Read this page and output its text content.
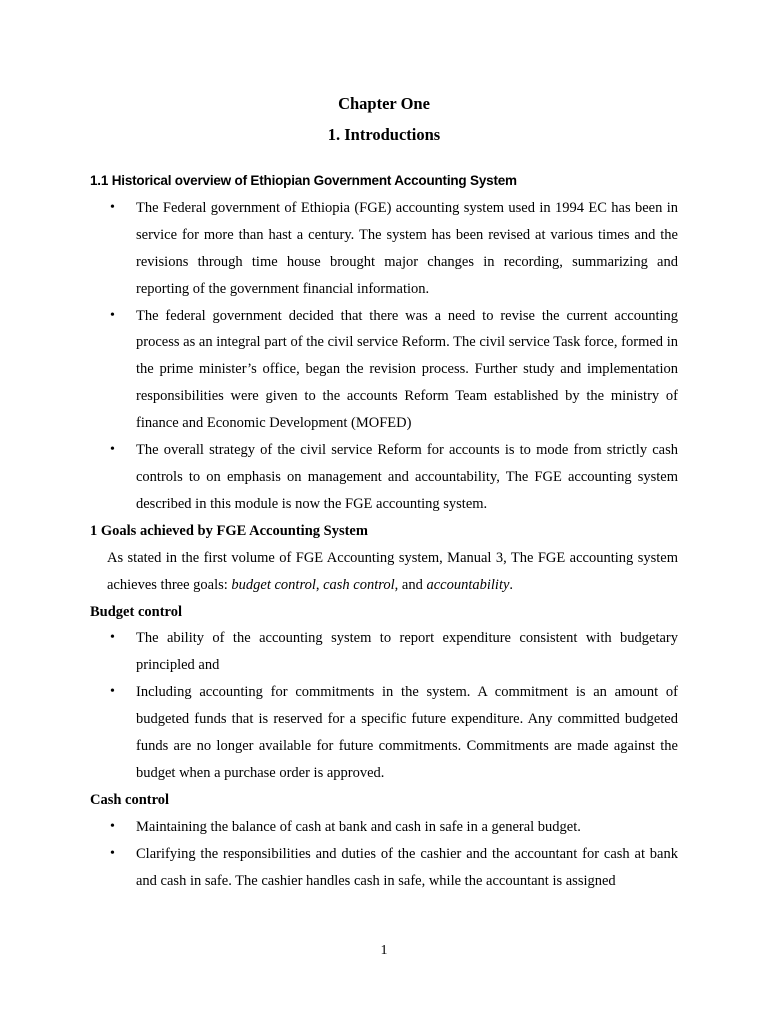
Chapter One
1. Introductions

1.1 Historical overview of Ethiopian Government Accounting System

• The Federal government of Ethiopia (FGE) accounting system used in 1994 EC has been in service for more than hast a century. The system has been revised at various times and the revisions through time house brought major changes in recording, summarizing and reporting of the government financial information.
• The federal government decided that there was a need to revise the current accounting process as an integral part of the civil service Reform. The civil service Task force, formed in the prime minister’s office, began the revision process. Further study and implementation responsibilities were given to the accounts Reform Team established by the ministry of finance and Economic Development (MOFED)
• The overall strategy of the civil service Reform for accounts is to mode from strictly cash controls to on emphasis on management and accountability, The FGE accounting system described in this module is now the FGE accounting system.

1 Goals achieved by FGE Accounting System

As stated in the first volume of FGE Accounting system, Manual 3, The FGE accounting system achieves three goals: budget control, cash control, and accountability.

Budget control

• The ability of the accounting system to report expenditure consistent with budgetary principled and
• Including accounting for commitments in the system. A commitment is an amount of budgeted funds that is reserved for a specific future expenditure. Any committed budgeted funds are no longer available for future commitments. Commitments are made against the budget when a purchase order is approved.

Cash control

• Maintaining the balance of cash at bank and cash in safe in a general budget.
• Clarifying the responsibilities and duties of the cashier and the accountant for cash at bank and cash in safe. The cashier handles cash in safe, while the accountant is assigned
1
